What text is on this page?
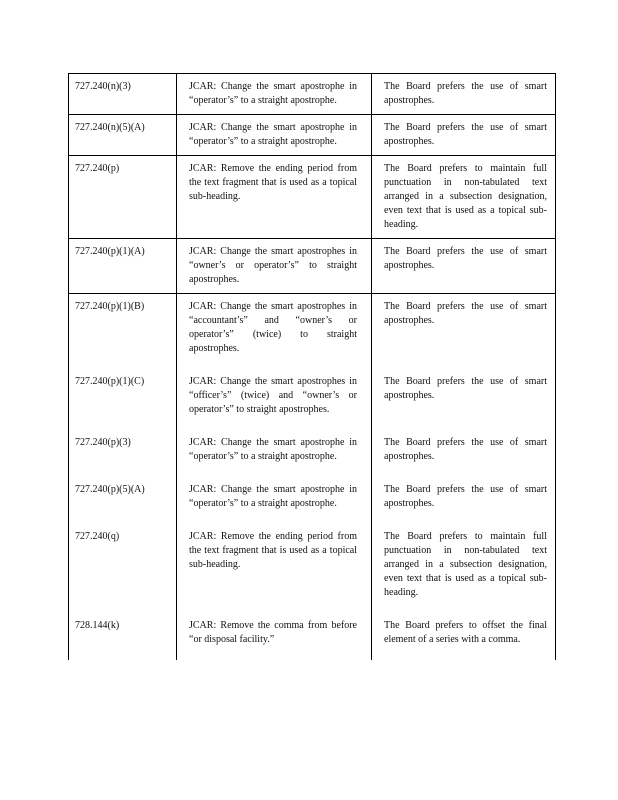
727.240(n)(3)	JCAR: Change the smart apostrophe in “operator’s” to a straight apostrophe.	The Board prefers the use of smart apostrophes.
727.240(n)(5)(A)	JCAR: Change the smart apostrophe in “operator’s” to a straight apostrophe.	The Board prefers the use of smart apostrophes.
727.240(p)	JCAR: Remove the ending period from the text fragment that is used as a topical sub-heading.	The Board prefers to maintain full punctuation in non-tabulated text arranged in a subsection designation, even text that is used as a topical sub-heading.
727.240(p)(1)(A)	JCAR: Change the smart apostrophes in “owner’s or operator’s” to straight apostrophes.	The Board prefers the use of smart apostrophes.
727.240(p)(1)(B)	JCAR: Change the smart apostrophes in “accountant’s” and “owner’s or operator’s” (twice) to straight apostrophes.	The Board prefers the use of smart apostrophes.
727.240(p)(1)(C)	JCAR: Change the smart apostrophes in “officer’s” (twice) and “owner’s or operator’s” to straight apostrophes.	The Board prefers the use of smart apostrophes.
727.240(p)(3)	JCAR: Change the smart apostrophe in “operator’s” to a straight apostrophe.	The Board prefers the use of smart apostrophes.
727.240(p)(5)(A)	JCAR: Change the smart apostrophe in “operator’s” to a straight apostrophe.	The Board prefers the use of smart apostrophes.
727.240(q)	JCAR: Remove the ending period from the text fragment that is used as a topical sub-heading.	The Board prefers to maintain full punctuation in non-tabulated text arranged in a subsection designation, even text that is used as a topical sub-heading.
728.144(k)	JCAR: Remove the comma from before “or disposal facility.”	The Board prefers to offset the final element of a series with a comma.
